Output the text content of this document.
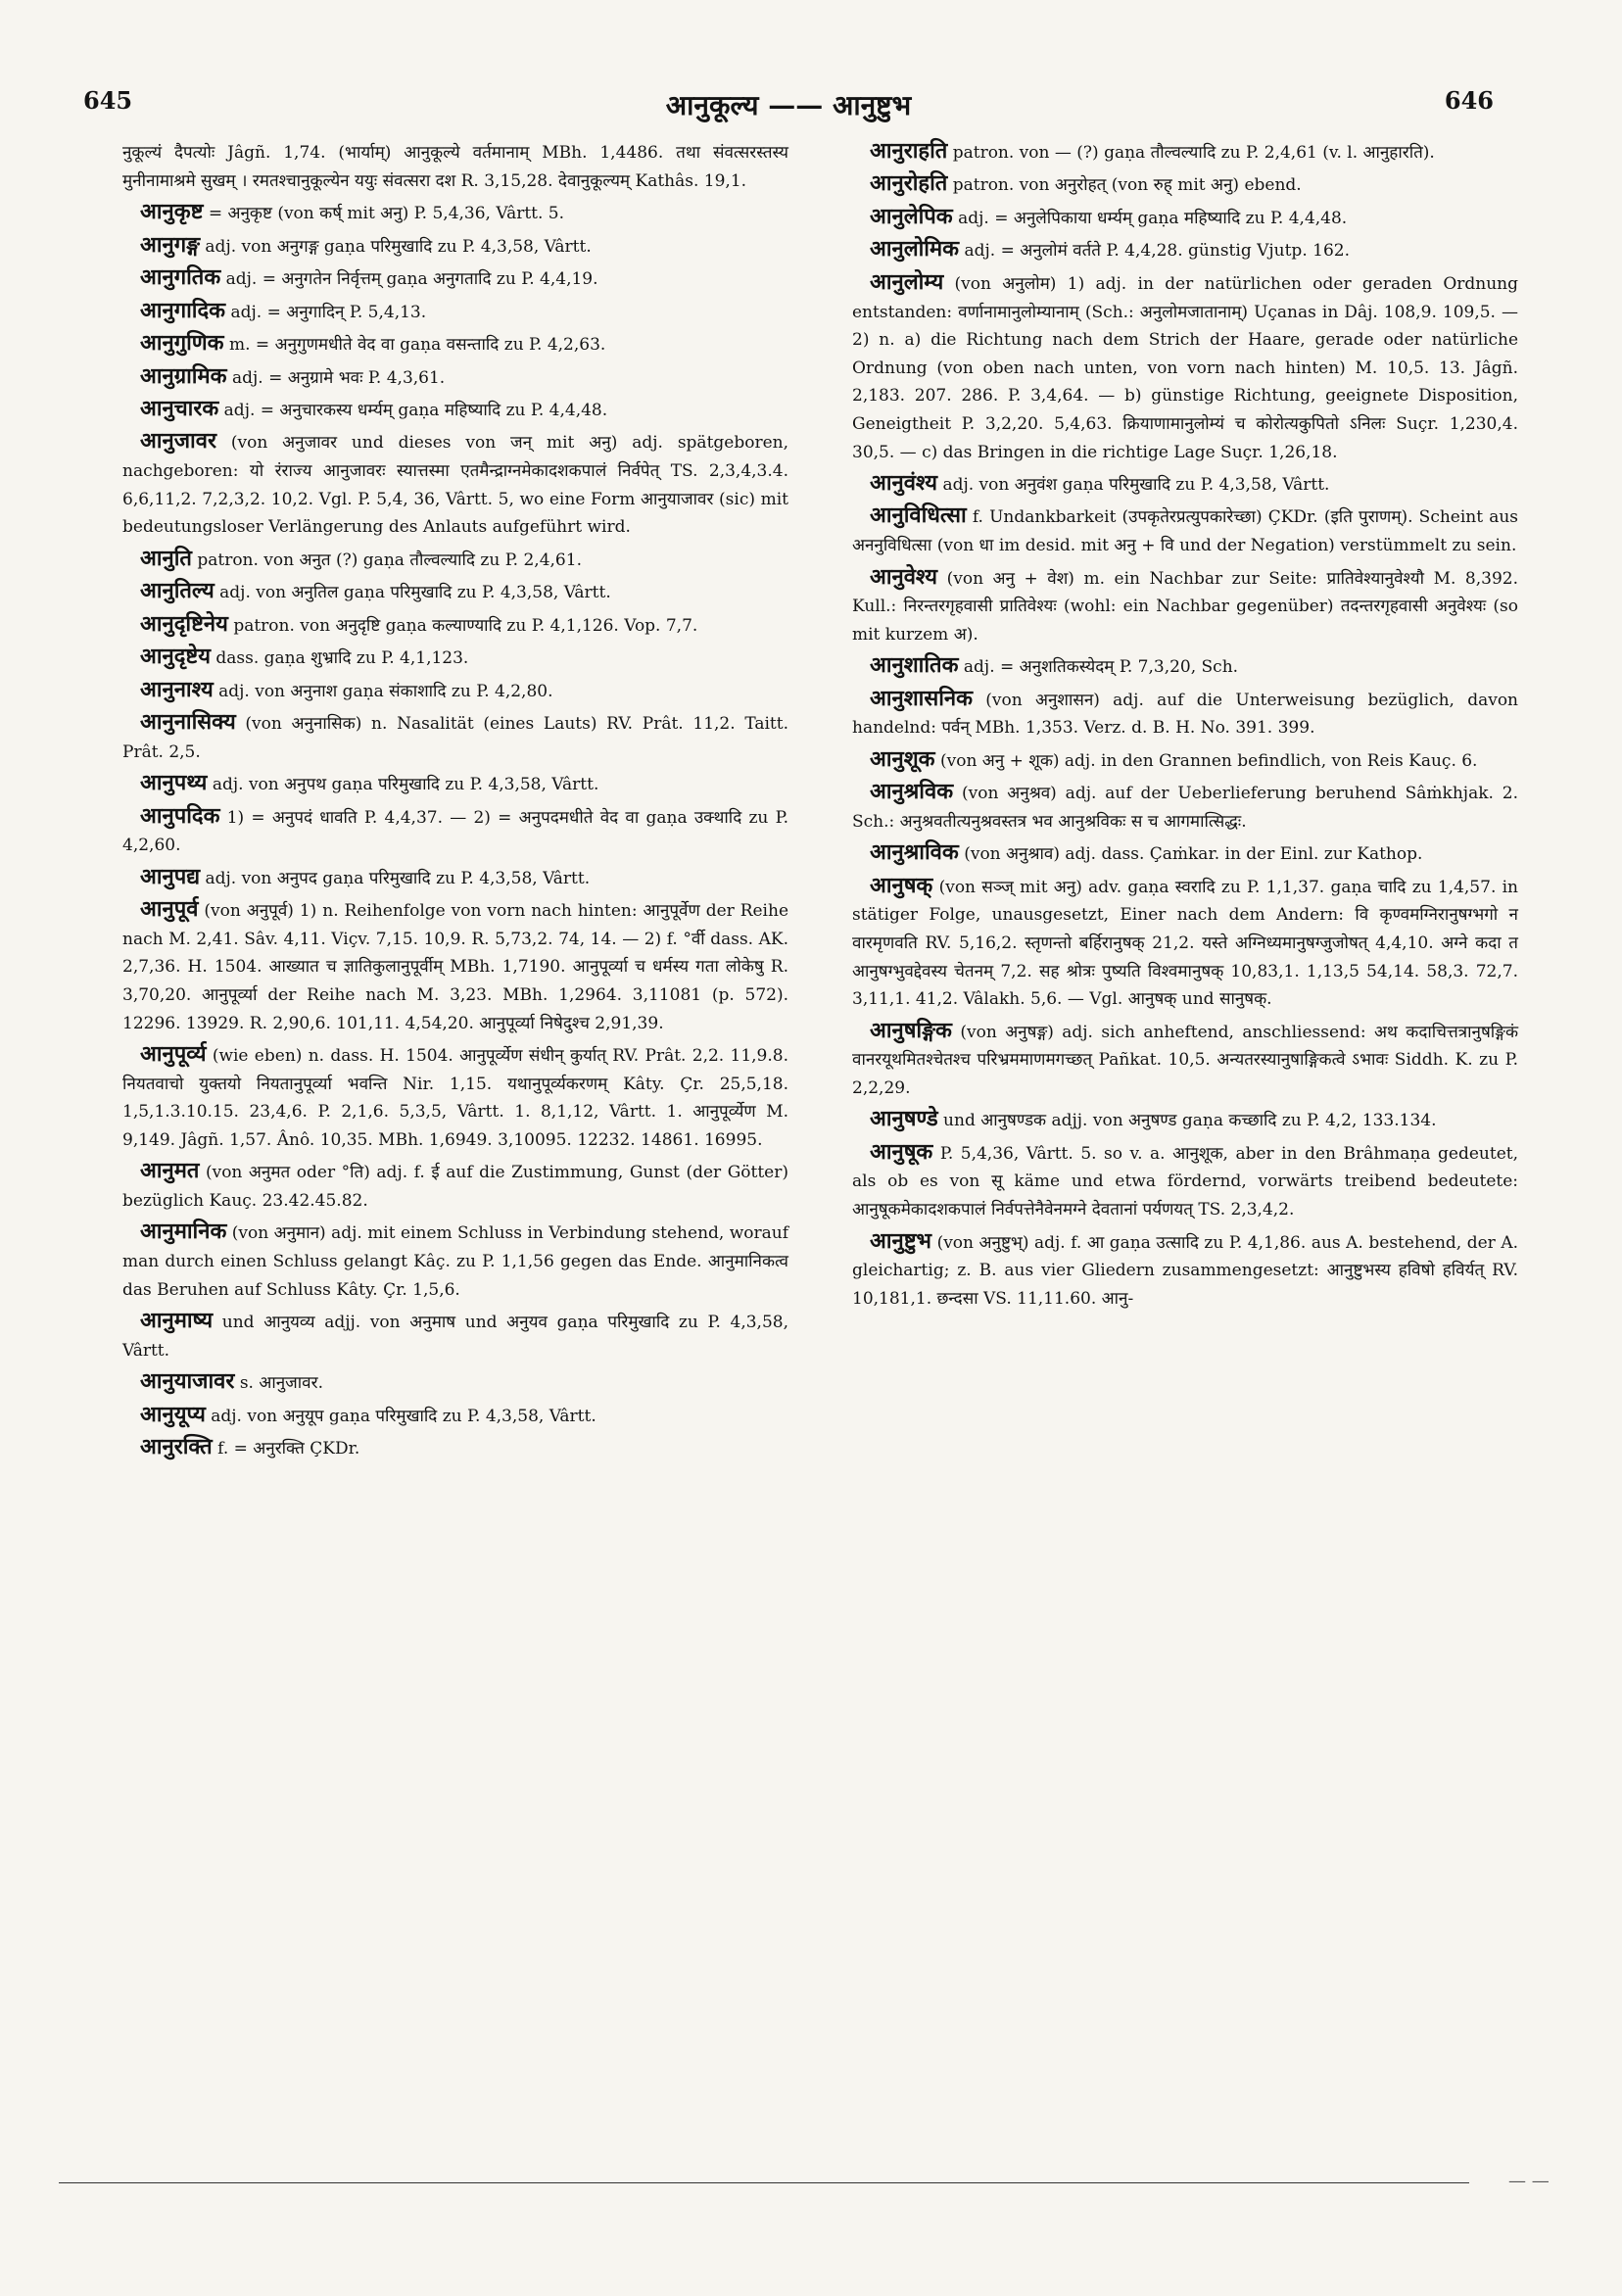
645	आनुकूल्य —— आनुष्टुभ	646

नुकूल्यं दैपत्योः Jâgñ. 1,74. (भार्याम्) आनुकूल्ये वर्तमानाम् MBh. 1,4486. तथा संवत्सरस्तस्य मुनीनामाश्रमे सुखम् । रमतश्चानुकूल्येन ययुः संवत्सरा दश R. 3,15,28. देवानुकूल्यम् Kathâs. 19,1.

आनुकृष्ट = अनुकृष्ट (von कर्ष् mit अनु) P. 5,4,36, Vârtt. 5.

आनुगङ्ग adj. von अनुगङ्ग gaṇa परिमुखादि zu P. 4,3,58, Vârtt.

आनुगतिक adj. = अनुगतेन निर्वृत्तम् gaṇa अनुगतादि zu P. 4,4,19.

आनुगादिक adj. = अनुगादिन् P. 5,4,13.

आनुगुणिक m. = अनुगुणमधीते वेद वा gaṇa वसन्तादि zu P. 4,2,63.

आनुग्रामिक adj. = अनुग्रामे भवः P. 4,3,61.

आनुचारक adj. = अनुचारकस्य धर्म्यम् gaṇa महिष्यादि zu P. 4,4,48.

आनुजावर (von अनुजावर und dieses von जन् mit अनु) adj. spätgeboren, nachgeboren: यो रंराज्य आनुजावरः स्यात्तस्मा एतमैन्द्राग्नमेकादशकपालं निर्वपेत् TS. 2,3,4,3.4. 6,6,11,2. 7,2,3,2. 10,2. Vgl. P. 5,4, 36, Vârtt. 5, wo eine Form आनुयाजावर (sic) mit bedeutungsloser Verlängerung des Anlauts aufgeführt wird.

आनुति patron. von अनुत (?) gaṇa तौल्वल्यादि zu P. 2,4,61.

आनुतिल्य adj. von अनुतिल gaṇa परिमुखादि zu P. 4,3,58, Vârtt.

आनुदृष्टिनेय patron. von अनुदृष्टि gaṇa कल्याण्यादि zu P. 4,1,126. Vop. 7,7.

आनुदृष्टेय dass. gaṇa शुभ्रादि zu P. 4,1,123.

आनुनाश्य adj. von अनुनाश gaṇa संकाशादि zu P. 4,2,80.

आनुनासिक्य (von अनुनासिक) n. Nasalität (eines Lauts) RV. Prât. 11,2. Taitt. Prât. 2,5.

आनुपथ्य adj. von अनुपथ gaṇa परिमुखादि zu P. 4,3,58, Vârtt.

आनुपदिक 1) = अनुपदं धावति P. 4,4,37. — 2) = अनुपदमधीते वेद वा gaṇa उक्थादि zu P. 4,2,60.

आनुपद्य adj. von अनुपद gaṇa परिमुखादि zu P. 4,3,58, Vârtt.

आनुपूर्व (von अनुपूर्व) 1) n. Reihenfolge von vorn nach hinten: आनुपूर्वेण der Reihe nach M. 2,41. Sâv. 4,11. Viçv. 7,15. 10,9. R. 5,73,2. 74, 14. — 2) f. °र्वी dass. AK. 2,7,36. H. 1504. आख्यात च ज्ञातिकुलानुपूर्वीम् MBh. 1,7190. आनुपूर्व्या च धर्मस्य गता लोकेषु R. 3,70,20. आनुपूर्व्या der Reihe nach M. 3,23. MBh. 1,2964. 3,11081 (p. 572). 12296. 13929. R. 2,90,6. 101,11. 4,54,20. आनुपूर्व्या निषेदुश्च 2,91,39.

आनुपूर्व्य (wie eben) n. dass. H. 1504. आनुपूर्व्येण संधीन् कुर्यात् RV. Prât. 2,2. 11,9.8. नियतवाचो युक्तयो नियतानुपूर्व्या भवन्ति Nir. 1,15. यथानुपूर्व्यकरणम् Kâty. Çr. 25,5,18. 1,5,1.3.10.15. 23,4,6. P. 2,1,6. 5,3,5, Vârtt. 1. 8,1,12, Vârtt. 1. आनुपूर्व्येण M. 9,149. Jâgñ. 1,57. Ânô. 10,35. MBh. 1,6949. 3,10095. 12232. 14861. 16995.

आनुमत (von अनुमत oder °ति) adj. f. ई auf die Zustimmung, Gunst (der Götter) bezüglich Kauç. 23.42.45.82.

आनुमानिक (von अनुमान) adj. mit einem Schluss in Verbindung stehend, worauf man durch einen Schluss gelangt Kâç. zu P. 1,1,56 gegen das Ende. आनुमानिकत्व das Beruhen auf Schluss Kâty. Çr. 1,5,6.

आनुमाष्य und आनुयव्य adjj. von अनुमाष und अनुयव gaṇa परिमुखादि zu P. 4,3,58, Vârtt.

आनुयाजावर s. आनुजावर.

आनुयूप्य adj. von अनुयूप gaṇa परिमुखादि zu P. 4,3,58, Vârtt.

आनुरक्ति f. = अनुरक्ति ÇKDr.

आनुराहति patron. von — (?) gaṇa तौल्वल्यादि zu P. 2,4,61 (v. l. आनुहारति).

आनुरोहति patron. von अनुरोहत् (von रुह् mit अनु) ebend.

आनुलेपिक adj. = अनुलेपिकाया धर्म्यम् gaṇa महिष्यादि zu P. 4,4,48.

आनुलोमिक adj. = अनुलोमं वर्तते P. 4,4,28. günstig Vjutp. 162.

आनुलोम्य (von अनुलोम) 1) adj. in der natürlichen oder geraden Ordnung entstanden: वर्णानामानुलोम्यानाम् (Sch.: अनुलोमजातानाम्) Uçanas in Dâj. 108,9. 109,5. — 2) n. a) die Richtung nach dem Strich der Haare, gerade oder natürliche Ordnung (von oben nach unten, von vorn nach hinten) M. 10,5. 13. Jâgñ. 2,183. 207. 286. P. 3,4,64. — b) günstige Richtung, geeignete Disposition, Geneigtheit P. 3,2,20. 5,4,63. क्रियाणामानुलोम्यं च कोरोत्यकुपितो ऽनिलः Suçr. 1,230,4. 30,5. — c) das Bringen in die richtige Lage Suçr. 1,26,18.

आनुवंश्य adj. von अनुवंश gaṇa परिमुखादि zu P. 4,3,58, Vârtt.

आनुविधित्सा f. Undankbarkeit (उपकृतेरप्रत्युपकारेच्छा) ÇKDr. (इति पुराणम्). Scheint aus अननुविधित्सा (von धा im desid. mit अनु + वि und der Negation) verstümmelt zu sein.

आनुवेश्य (von अनु + वेश) m. ein Nachbar zur Seite: प्रातिवेश्यानुवेश्यौ M. 8,392. Kull.: निरन्तरगृहवासी प्रातिवेश्यः (wohl: ein Nachbar gegenüber) तदन्तरगृहवासी अनुवेश्यः (so mit kurzem अ).

आनुशातिक adj. = अनुशतिकस्येदम् P. 7,3,20, Sch.

आनुशासनिक (von अनुशासन) adj. auf die Unterweisung bezüglich, davon handelnd: पर्वन् MBh. 1,353. Verz. d. B. H. No. 391. 399.

आनुशूक (von अनु + शूक) adj. in den Grannen befindlich, von Reis Kauç. 6.

आनुश्रविक (von अनुश्रव) adj. auf der Ueberlieferung beruhend Sâṁkhjak. 2. Sch.: अनुश्रवतीत्यनुश्रवस्तत्र भव आनुश्रविकः स च आगमात्सिद्धः.

आनुश्राविक (von अनुश्राव) adj. dass. Çaṁkar. in der Einl. zur Kathop.

आनुषक् (von सञ्ज् mit अनु) adv. gaṇa स्वरादि zu P. 1,1,37. gaṇa चादि zu 1,4,57. in stätiger Folge, unausgesetzt, Einer nach dem Andern: वि कृण्वमग्निरानुषग्भगो न वारमृणवति RV. 5,16,2. स्तृणन्तो बर्हिरानुषक् 21,2. यस्ते अग्निध्यमानुषग्जुजोषत् 4,4,10. अग्ने कदा त आनुषग्भुवद्देवस्य चेतनम् 7,2. सह श्रोत्रः पुष्यति विश्वमानुषक् 10,83,1. 1,13,5 54,14. 58,3. 72,7. 3,11,1. 41,2. Vâlakh. 5,6. — Vgl. आनुषक् und सानुषक्.

आनुषङ्गिक (von अनुषङ्ग) adj. sich anheftend, anschliessend: अथ कदाचित्तत्रानुषङ्गिकं वानरयूथमितश्चेतश्च परिभ्रममाणमगच्छत् Pañkat. 10,5. अन्यतरस्यानुषाङ्गिकत्वे ऽभावः Siddh. K. zu P. 2,2,29.

आनुषण्डे und आनुषण्डक adjj. von अनुषण्ड gaṇa कच्छादि zu P. 4,2, 133.134.

आनुषूक P. 5,4,36, Vârtt. 5. so v. a. आनुशूक, aber in den Brâhmaṇa gedeutet, als ob es von सू käme und etwa fördernd, vorwärts treibend bedeutete: आनुषूकमेकादशकपालं निर्वपत्तेनैवेनमग्ने देवतानां पर्यणयत् TS. 2,3,4,2.

आनुष्टुभ (von अनुष्टुभ्) adj. f. आ gaṇa उत्सादि zu P. 4,1,86. aus A. bestehend, der A. gleichartig; z. B. aus vier Gliedern zusammengesetzt: आनुष्टुभस्य हविषो हविर्यत् RV. 10,181,1. छन्दसा VS. 11,11.60. आनु-

— —
